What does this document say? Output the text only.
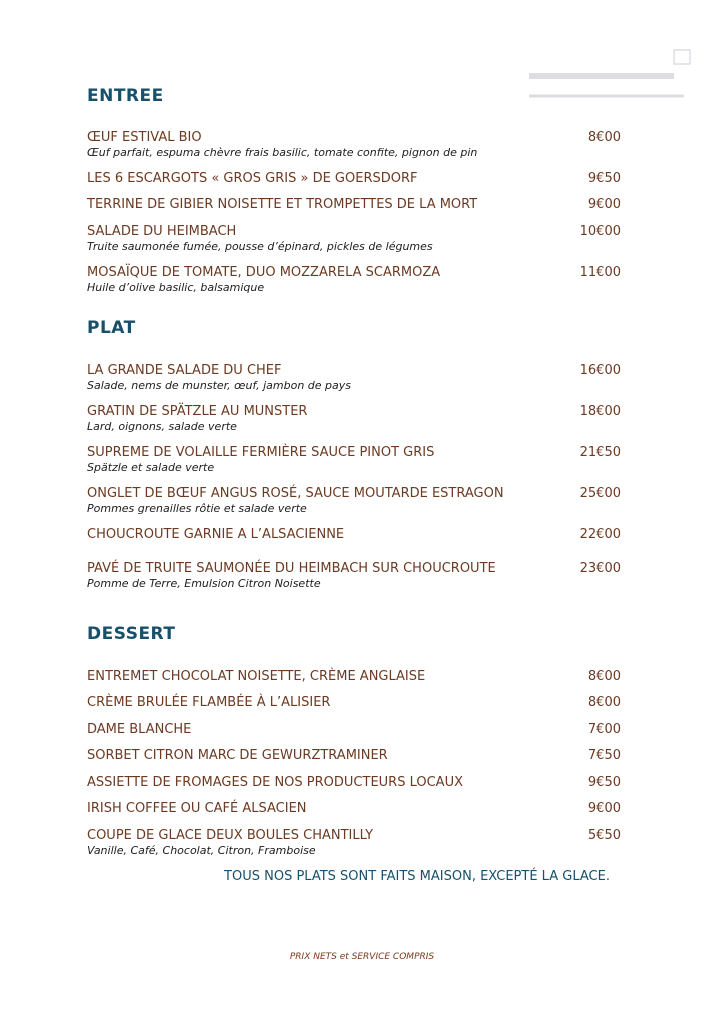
ENTREE
ŒUF ESTIVAL BIO	8€00
Œuf parfait, espuma chèvre frais basilic, tomate confite, pignon de pin
LES 6 ESCARGOTS « GROS GRIS » DE GOERSDORF	9€50
TERRINE DE GIBIER NOISETTE ET TROMPETTES DE LA MORT	9€00
SALADE DU HEIMBACH	10€00
Truite saumonée fumée, pousse d’épinard, pickles de légumes
MOSAÏQUE DE TOMATE, DUO MOZZARELA SCARMOZA	11€00
Huile d’olive basilic, balsamique
PLAT
LA GRANDE SALADE DU CHEF	16€00
Salade, nems de munster, œuf, jambon de pays
GRATIN DE SPÄTZLE AU MUNSTER	18€00
Lard, oignons, salade verte
SUPREME DE VOLAILLE FERMIÈRE SAUCE PINOT GRIS	21€50
Spätzle et salade verte
ONGLET DE BŒUF ANGUS ROSÉ, SAUCE MOUTARDE ESTRAGON	25€00
Pommes grenailles rôtie et salade verte
CHOUCROUTE GARNIE A L’ALSACIENNE	22€00
PAVÉ DE TRUITE SAUMONÉE DU HEIMBACH SUR CHOUCROUTE	23€00
Pomme de Terre, Emulsion Citron Noisette
DESSERT
ENTREMET CHOCOLAT NOISETTE, CRÈME ANGLAISE	8€00
CRÈME BRULÉE FLAMBÉE À L’ALISIER	8€00
DAME BLANCHE	7€00
SORBET CITRON MARC DE GEWURZTRAMINER	7€50
ASSIETTE DE FROMAGES DE NOS PRODUCTEURS LOCAUX	9€50
IRISH COFFEE OU CAFÉ ALSACIEN	9€00
COUPE DE GLACE DEUX BOULES CHANTILLY	5€50
Vanille, Café, Chocolat, Citron, Framboise
TOUS NOS PLATS SONT FAITS MAISON, EXCEPTÉ LA GLACE.
PRIX NETS et SERVICE COMPRIS
